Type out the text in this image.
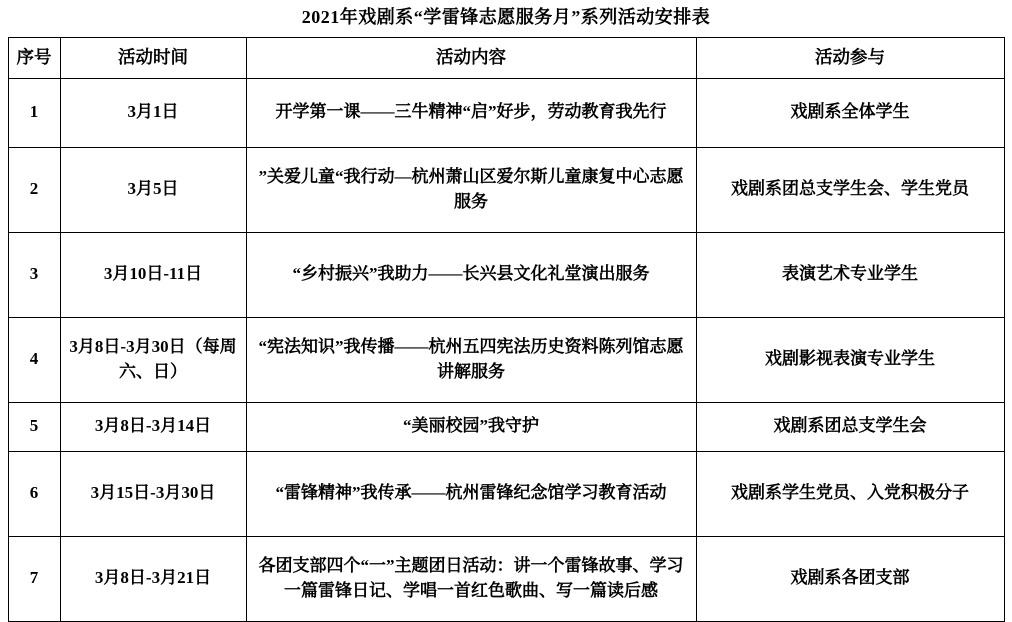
2021年戏剧系“学雷锋志愿服务月”系列活动安排表
序号	活动时间	活动内容	活动参与
1	3月1日	开学第一课——三牛精神“启”好步，劳动教育我先行	戏剧系全体学生
2	3月5日	”关爱儿童“我行动—杭州萧山区爱尔斯儿童康复中心志愿服务	戏剧系团总支学生会、学生党员
3	3月10日-11日	“乡村振兴”我助力——长兴县文化礼堂演出服务	表演艺术专业学生
4	3月8日-3月30日（每周六、日）	“宪法知识”我传播——杭州五四宪法历史资料陈列馆志愿讲解服务	戏剧影视表演专业学生
5	3月8日-3月14日	“美丽校园”我守护	戏剧系团总支学生会
6	3月15日-3月30日	“雷锋精神”我传承——杭州雷锋纪念馆学习教育活动	戏剧系学生党员、入党积极分子
7	3月8日-3月21日	各团支部四个“一”主题团日活动：讲一个雷锋故事、学习一篇雷锋日记、学唱一首红色歌曲、写一篇读后感	戏剧系各团支部
